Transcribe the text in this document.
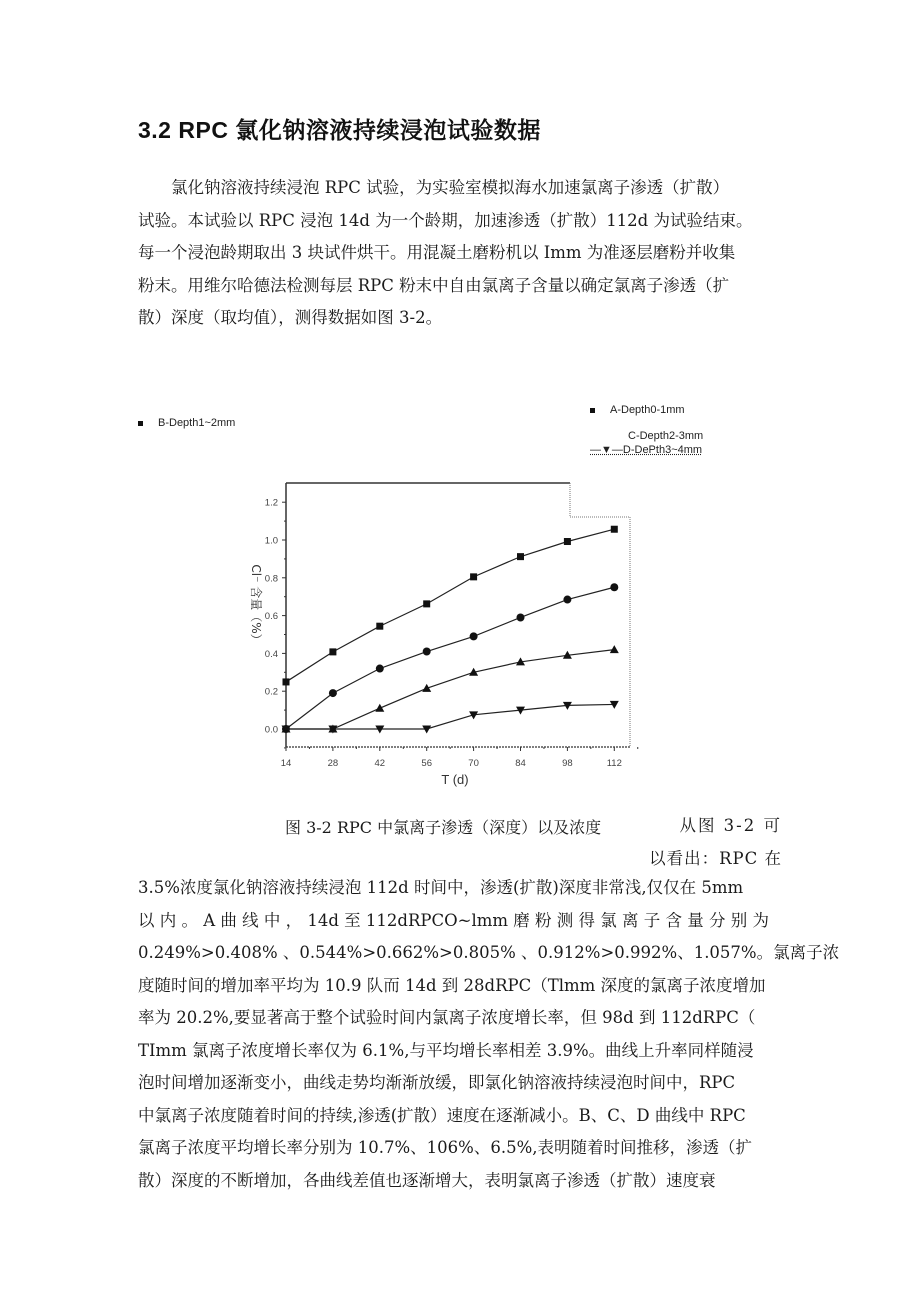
3.2 RPC 氯化钠溶液持续浸泡试验数据
　　氯化钠溶液持续浸泡 RPC 试验，为实验室模拟海水加速氯离子渗透（扩散）
试验。本试验以 RPC 浸泡 14d 为一个龄期，加速渗透（扩散）112d 为试验结束。
每一个浸泡龄期取出 3 块试件烘干。用混凝土磨粉机以 Imm 为准逐层磨粉并收集
粉末。用维尔哈德法检测每层 RPC 粉末中自由氯离子含量以确定氯离子渗透（扩
散）深度（取均值），测得数据如图 3-2。
B-Depth1~2mm
A-Depth0-1mm
C-Depth2-3mm
—▼—D-DePth3~4mm
0.0
0.2
0.4
0.6
0.8
1.0
1.2
14	28	42	56	70	84	98	112
T (d)
Cl⁻ 含量（%）
图 3-2 RPC 中氯离子渗透（深度）以及浓度	从图 3-2 可
以看出：RPC 在
3.5%浓度氯化钠溶液持续浸泡 112d 时间中，渗透(扩散)深度非常浅,仅仅在 5mm
以 内 。 A 曲 线 中 ， 14d 至 112dRPCO~lmm 磨 粉 测 得 氯 离 子 含 量 分 别 为
0.249%>0.408% 、0.544%>0.662%>0.805% 、0.912%>0.992%、1.057%。氯离子浓
度随时间的增加率平均为 10.9 队而 14d 到 28dRPC（Tlmm 深度的氯离子浓度增加
率为 20.2%,要显著高于整个试验时间内氯离子浓度增长率，但 98d 到 112dRPC（
TImm 氯离子浓度增长率仅为 6.1%,与平均增长率相差 3.9%。曲线上升率同样随浸
泡时间增加逐渐变小，曲线走势均渐渐放缓，即氯化钠溶液持续浸泡时间中，RPC
中氯离子浓度随着时间的持续,渗透(扩散）速度在逐渐减小。B、C、D 曲线中 RPC
氯离子浓度平均增长率分别为 10.7%、106%、6.5%,表明随着时间推移，渗透（扩
散）深度的不断增加，各曲线差值也逐渐增大，表明氯离子渗透（扩散）速度衰
